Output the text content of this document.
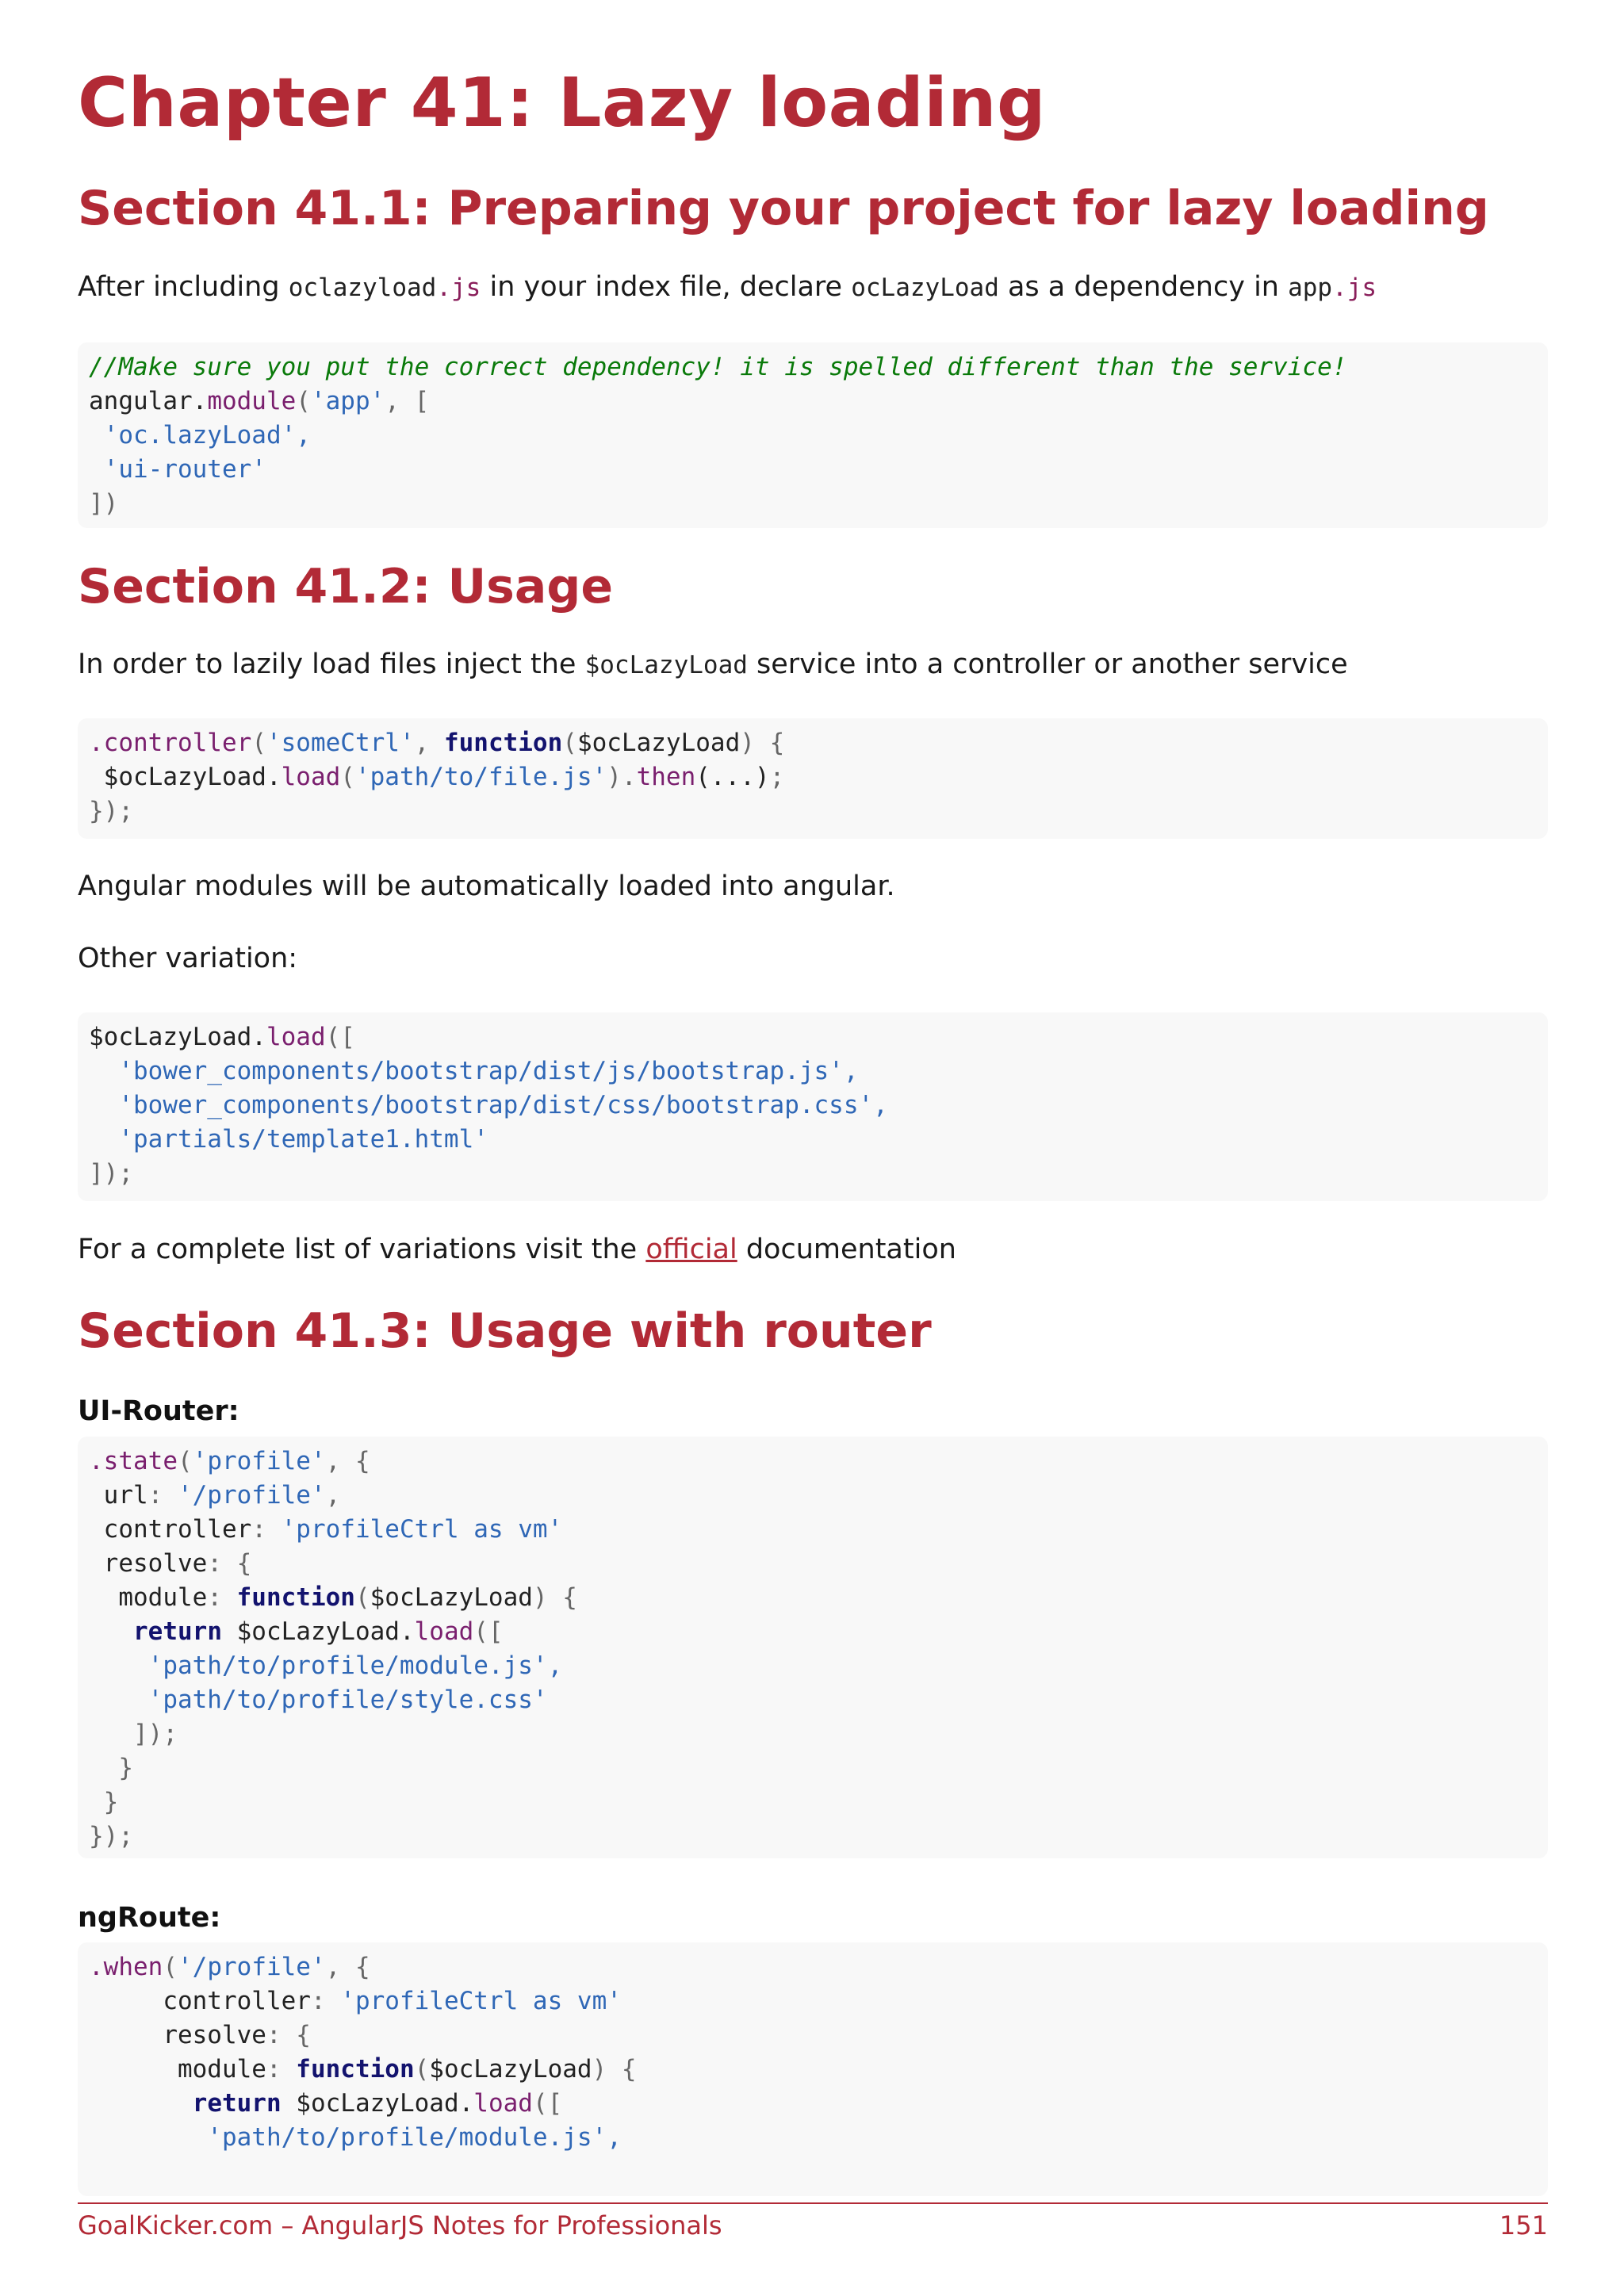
Chapter 41: Lazy loading
Section 41.1: Preparing your project for lazy loading

After including oclazyload.js in your index file, declare ocLazyLoad as a dependency in app.js

//Make sure you put the correct dependency! it is spelled different than the service!
angular.module('app', [
'oc.lazyLoad',
'ui-router'
])
Section 41.2: Usage

In order to lazily load files inject the $ocLazyLoad service into a controller or another service

.controller('someCtrl', function($ocLazyLoad) {
$ocLazyLoad.load('path/to/file.js').then(...);
});

Angular modules will be automatically loaded into angular.

Other variation:

$ocLazyLoad.load([
'bower_components/bootstrap/dist/js/bootstrap.js',
'bower_components/bootstrap/dist/css/bootstrap.css',
'partials/template1.html'
]);

For a complete list of variations visit the official documentation

Section 41.3: Usage with router

UI-Router:

.state('profile', {
url: '/profile',
controller: 'profileCtrl as vm'
resolve: {
module: function($ocLazyLoad) {
return $ocLazyLoad.load([
'path/to/profile/module.js',
'path/to/profile/style.css'
]);
}
}
});

ngRoute:

.when('/profile', {
controller: 'profileCtrl as vm'
resolve: {
module: function($ocLazyLoad) {
return $ocLazyLoad.load([
'path/to/profile/module.js',
GoalKicker.com – AngularJS Notes for Professionals	151
